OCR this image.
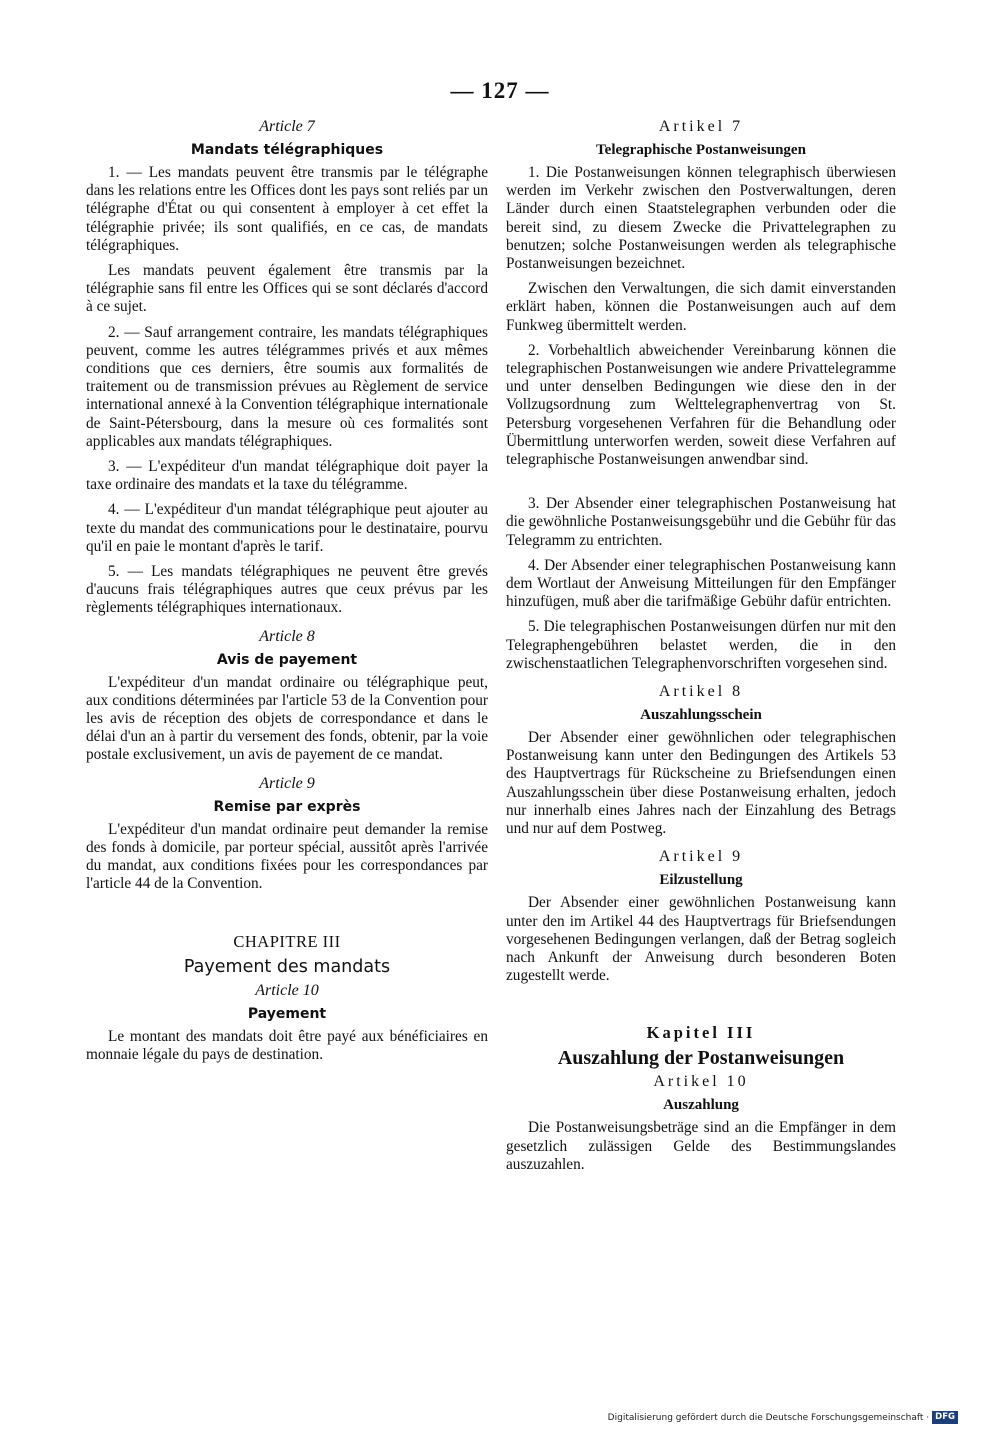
— 127 —
Article 7
Mandats télégraphiques

1. — Les mandats peuvent être transmis par le télégraphe dans les relations entre les Offices dont les pays sont reliés par un télégraphe d'État ou qui consentent à employer à cet effet la télégraphie privée; ils sont qualifiés, en ce cas, de mandats télégraphiques.

Les mandats peuvent également être transmis par la télégraphie sans fil entre les Offices qui se sont déclarés d'accord à ce sujet.

2. — Sauf arrangement contraire, les mandats télégraphiques peuvent, comme les autres télégrammes privés et aux mêmes conditions que ces derniers, être soumis aux formalités de traitement ou de transmission prévues au Règlement de service international annexé à la Convention télégraphique internationale de Saint-Pétersbourg, dans la mesure où ces formalités sont applicables aux mandats télégraphiques.

3. — L'expéditeur d'un mandat télégraphique doit payer la taxe ordinaire des mandats et la taxe du télégramme.

4. — L'expéditeur d'un mandat télégraphique peut ajouter au texte du mandat des communications pour le destinataire, pourvu qu'il en paie le montant d'après le tarif.

5. — Les mandats télégraphiques ne peuvent être grevés d'aucuns frais télégraphiques autres que ceux prévus par les règlements télégraphiques internationaux.

Article 8
Avis de payement

L'expéditeur d'un mandat ordinaire ou télégraphique peut, aux conditions déterminées par l'article 53 de la Convention pour les avis de réception des objets de correspondance et dans le délai d'un an à partir du versement des fonds, obtenir, par la voie postale exclusivement, un avis de payement de ce mandat.

Article 9
Remise par exprès

L'expéditeur d'un mandat ordinaire peut demander la remise des fonds à domicile, par porteur spécial, aussitôt après l'arrivée du mandat, aux conditions fixées pour les correspondances par l'article 44 de la Convention.

CHAPITRE III
Payement des mandats
Article 10
Payement

Le montant des mandats doit être payé aux bénéficiaires en monnaie légale du pays de destination.

Artikel 7
Telegraphische Postanweisungen

1. Die Postanweisungen können telegraphisch überwiesen werden im Verkehr zwischen den Postverwaltungen, deren Länder durch einen Staatstelegraphen verbunden oder die bereit sind, zu diesem Zwecke die Privattelegraphen zu benutzen; solche Postanweisungen werden als telegraphische Postanweisungen bezeichnet.

Zwischen den Verwaltungen, die sich damit einverstanden erklärt haben, können die Postanweisungen auch auf dem Funkweg übermittelt werden.

2. Vorbehaltlich abweichender Vereinbarung können die telegraphischen Postanweisungen wie andere Privattelegramme und unter denselben Bedingungen wie diese den in der Vollzugsordnung zum Welttelegraphenvertrag von St. Petersburg vorgesehenen Verfahren für die Behandlung oder Übermittlung unterworfen werden, soweit diese Verfahren auf telegraphische Postanweisungen anwendbar sind.

3. Der Absender einer telegraphischen Postanweisung hat die gewöhnliche Postanweisungsgebühr und die Gebühr für das Telegramm zu entrichten.

4. Der Absender einer telegraphischen Postanweisung kann dem Wortlaut der Anweisung Mitteilungen für den Empfänger hinzufügen, muß aber die tarifmäßige Gebühr dafür entrichten.

5. Die telegraphischen Postanweisungen dürfen nur mit den Telegraphengebühren belastet werden, die in den zwischenstaatlichen Telegraphenvorschriften vorgesehen sind.

Artikel 8
Auszahlungsschein

Der Absender einer gewöhnlichen oder telegraphischen Postanweisung kann unter den Bedingungen des Artikels 53 des Hauptvertrags für Rückscheine zu Briefsendungen einen Auszahlungsschein über diese Postanweisung erhalten, jedoch nur innerhalb eines Jahres nach der Einzahlung des Betrags und nur auf dem Postweg.

Artikel 9
Eilzustellung

Der Absender einer gewöhnlichen Postanweisung kann unter den im Artikel 44 des Hauptvertrags für Briefsendungen vorgesehenen Bedingungen verlangen, daß der Betrag sogleich nach Ankunft der Anweisung durch besonderen Boten zugestellt werde.

Kapitel III
Auszahlung der Postanweisungen
Artikel 10
Auszahlung

Die Postanweisungsbeträge sind an die Empfänger in dem gesetzlich zulässigen Gelde des Bestimmungslandes auszuzahlen.

Digitalisierung gefördert durch die Deutsche Forschungsgemeinschaft · DFG
